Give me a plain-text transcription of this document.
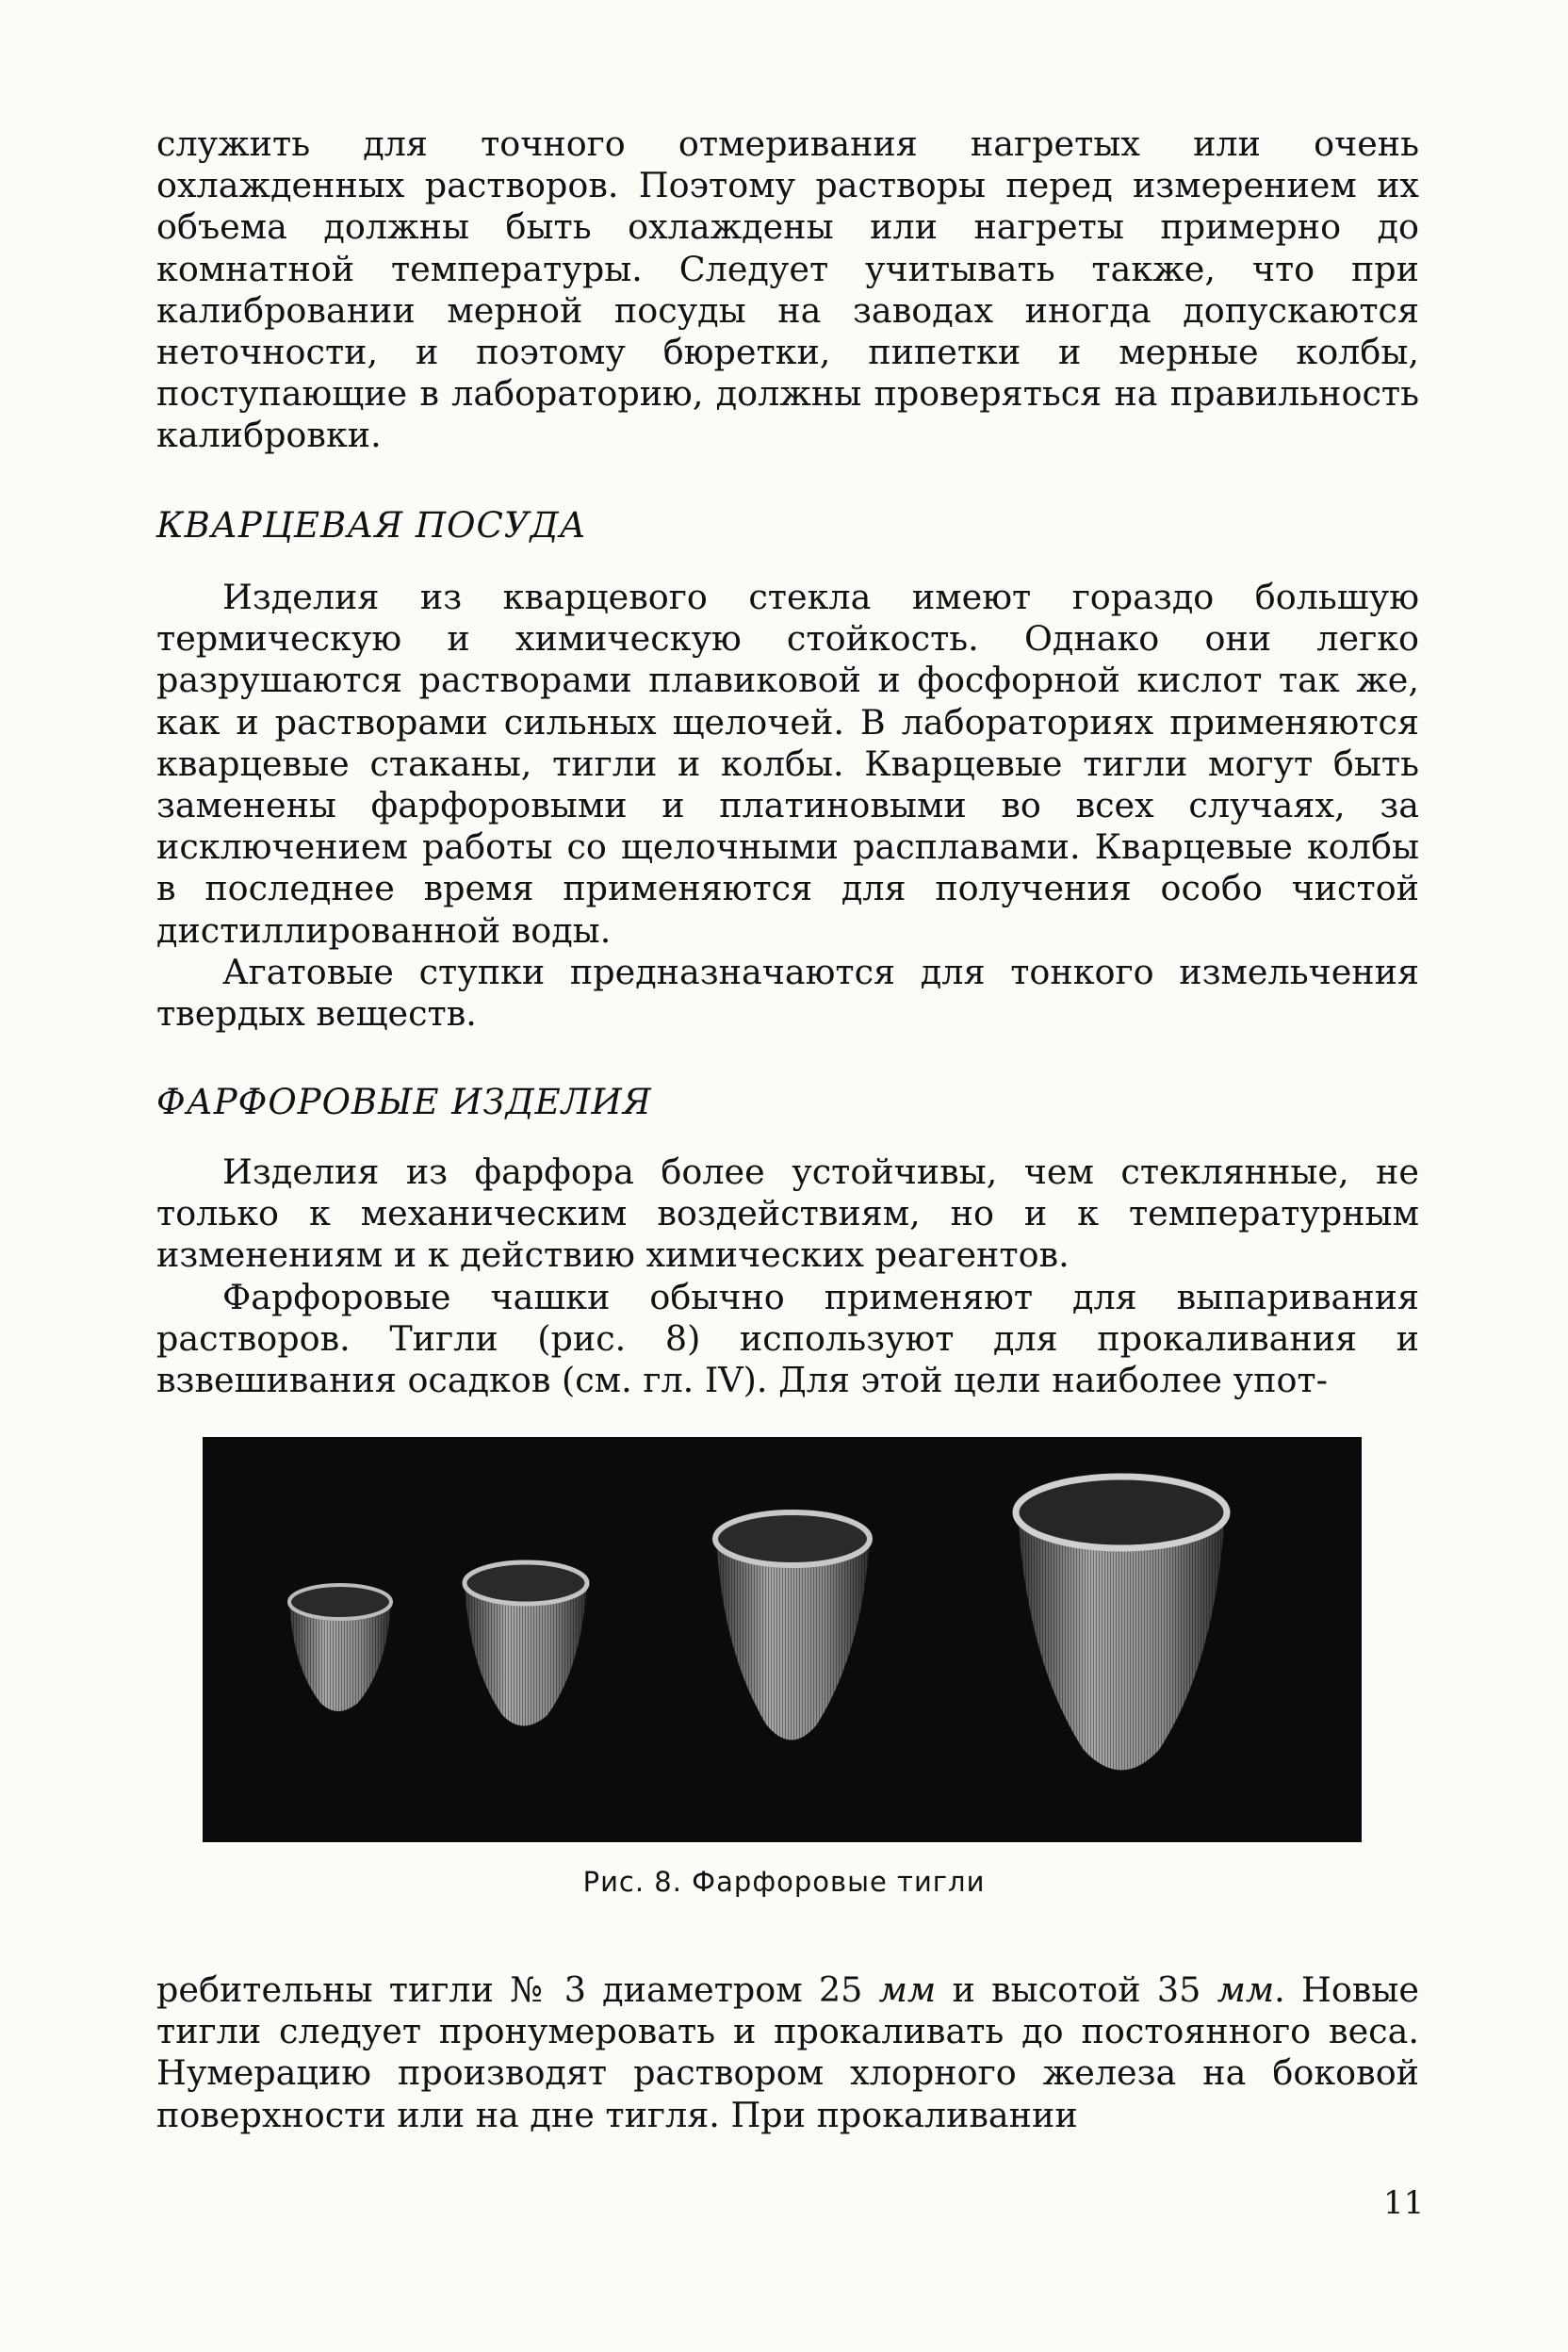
служить для точного отмеривания нагретых или очень охлажденных растворов. Поэтому растворы перед измерением их объема должны быть охлаждены или нагреты примерно до комнатной температуры. Следует учитывать также, что при калибровании мерной посуды на заводах иногда допускаются неточности, и поэтому бюретки, пипетки и мерные колбы, поступающие в лабораторию, должны проверяться на правильность калибровки.

КВАРЦЕВАЯ ПОСУДА

Изделия из кварцевого стекла имеют гораздо большую термическую и химическую стойкость. Однако они легко разрушаются растворами плавиковой и фосфорной кислот так же, как и растворами сильных щелочей. В лабораториях применяются кварцевые стаканы, тигли и колбы. Кварцевые тигли могут быть заменены фарфоровыми и платиновыми во всех случаях, за исключением работы со щелочными расплавами. Кварцевые колбы в последнее время применяются для получения особо чистой дистиллированной воды.

Агатовые ступки предназначаются для тонкого измельчения твердых веществ.

ФАРФОРОВЫЕ ИЗДЕЛИЯ

Изделия из фарфора более устойчивы, чем стеклянные, не только к механическим воздействиям, но и к температурным изменениям и к действию химических реагентов.

Фарфоровые чашки обычно применяют для выпаривания растворов. Тигли (рис. 8) используют для прокаливания и взвешивания осадков (см. гл. IV). Для этой цели наиболее упот-

Рис. 8. Фарфоровые тигли

ребительны тигли № 3 диаметром 25 мм и высотой 35 мм. Новые тигли следует пронумеровать и прокаливать до постоянного веса. Нумерацию производят раствором хлорного железа на боковой поверхности или на дне тигля. При прокаливании

11
